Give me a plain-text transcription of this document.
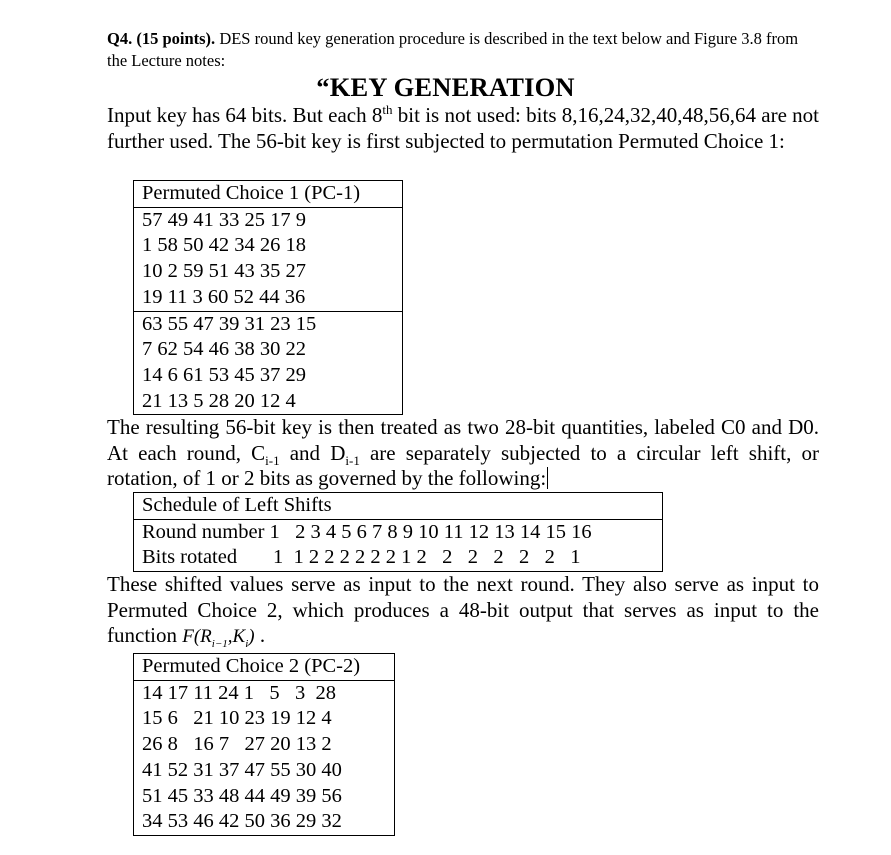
Q4. (15 points). DES round key generation procedure is described in the text below and Figure 3.8 from the Lecture notes:
“KEY GENERATION
Input key has 64 bits. But each 8th bit is not used: bits 8,16,24,32,40,48,56,64 are not further used. The 56-bit key is first subjected to permutation Permuted Choice 1:
Permuted Choice 1 (PC-1)
57 49 41 33 25 17 9
1 58 50 42 34 26 18
10 2 59 51 43 35 27
19 11 3 60 52 44 36
63 55 47 39 31 23 15
7 62 54 46 38 30 22
14 6 61 53 45 37 29
21 13 5 28 20 12 4
The resulting 56-bit key is then treated as two 28-bit quantities, labeled C0 and D0. At each round, $C_{i-1}$ and $D_{i-1}$ are separately subjected to a circular left shift, or rotation, of 1 or 2 bits as governed by the following:
Schedule of Left Shifts
Round number 1   2 3 4 5 6 7 8 9 10 11 12 13 14 15 16
Bits rotated       1  1 2 2 2 2 2 2 1 2   2   2   2   2   2   1
These shifted values serve as input to the next round. They also serve as input to Permuted Choice 2, which produces a 48-bit output that serves as input to the function $F(R_{i-1},K_i)$ .
Permuted Choice 2 (PC-2)
14 17 11 24 1   5   3  28
15 6   21 10 23 19 12 4
26 8   16 7   27 20 13 2
41 52 31 37 47 55 30 40
51 45 33 48 44 49 39 56
34 53 46 42 50 36 29 32
